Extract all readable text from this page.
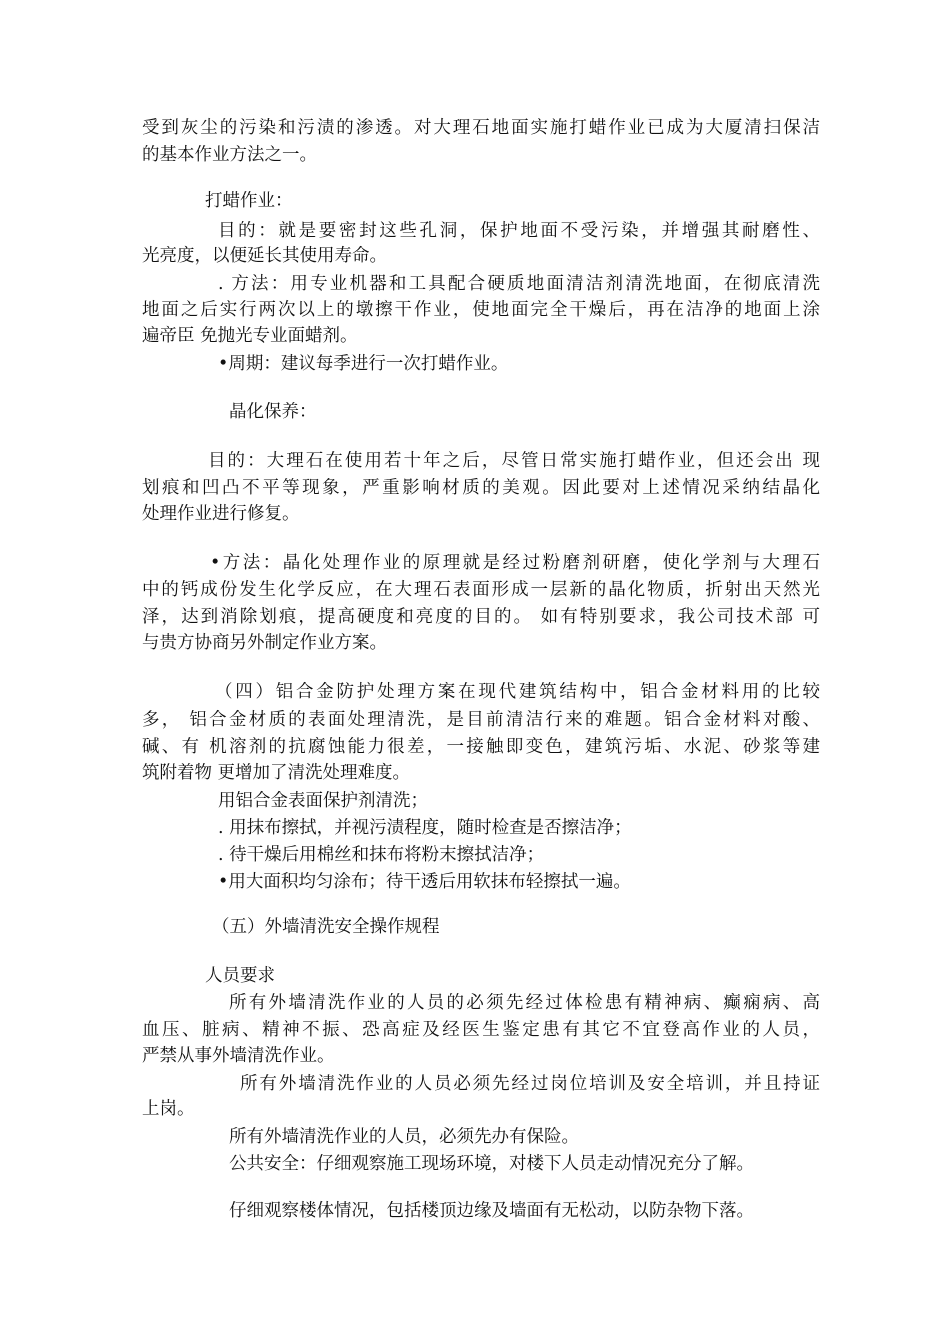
受到灰尘的污染和污渍的渗透。对大理石地面实施打蜡作业已成为大厦清扫保洁
的基本作业方法之一。
打蜡作业：
目的：就是要密封这些孔洞，保护地面不受污染，并增强其耐磨性、
光亮度，以便延长其使用寿命。
. 方法：用专业机器和工具配合硬质地面清洁剂清洗地面，在彻底清洗
地面之后实行两次以上的墩擦干作业，使地面完全干燥后，再在洁净的地面上涂
遍帝臣 免抛光专业面蜡剂。
•周期：建议每季进行一次打蜡作业。
晶化保养：
目的：大理石在使用若十年之后，尽管日常实施打蜡作业，但还会出 现
划痕和凹凸不平等现象，严重影响材质的美观。因此要对上述情况采纳结晶化
处理作业进行修复。
•方法：晶化处理作业的原理就是经过粉磨剂研磨，使化学剂与大理石
中的钙成份发生化学反应，在大理石表面形成一层新的晶化物质，折射出天然光
泽，达到消除划痕，提高硬度和亮度的目的。 如有特别要求，我公司技术部 可
与贵方协商另外制定作业方案。
（四）铝合金防护处理方案在现代建筑结构中，铝合金材料用的比较
多， 铝合金材质的表面处理清洗，是目前清洁行来的难题。铝合金材料对酸、
碱、有 机溶剂的抗腐蚀能力很差，一接触即变色，建筑污垢、水泥、砂浆等建
筑附着物 更增加了清洗处理难度。
用铝合金表面保护剂清洗；
. 用抹布擦拭，并视污渍程度，随时检查是否擦洁净；
. 待干燥后用棉丝和抹布将粉末擦拭洁净；
•用大面积均匀涂布；待干透后用软抹布轻擦拭一遍。
（五）外墙清洗安全操作规程
人员要求
所有外墙清洗作业的人员的必须先经过体检患有精神病、癫痫病、高
血压、脏病、精神不振、恐高症及经医生鉴定患有其它不宜登高作业的人员，
严禁从事外墙清洗作业。
所有外墙清洗作业的人员必须先经过岗位培训及安全培训，并且持证
上岗。
所有外墙清洗作业的人员，必须先办有保险。
公共安全：仔细观察施工现场环境，对楼下人员走动情况充分了解。
仔细观察楼体情况，包括楼顶边缘及墙面有无松动，以防杂物下落。
